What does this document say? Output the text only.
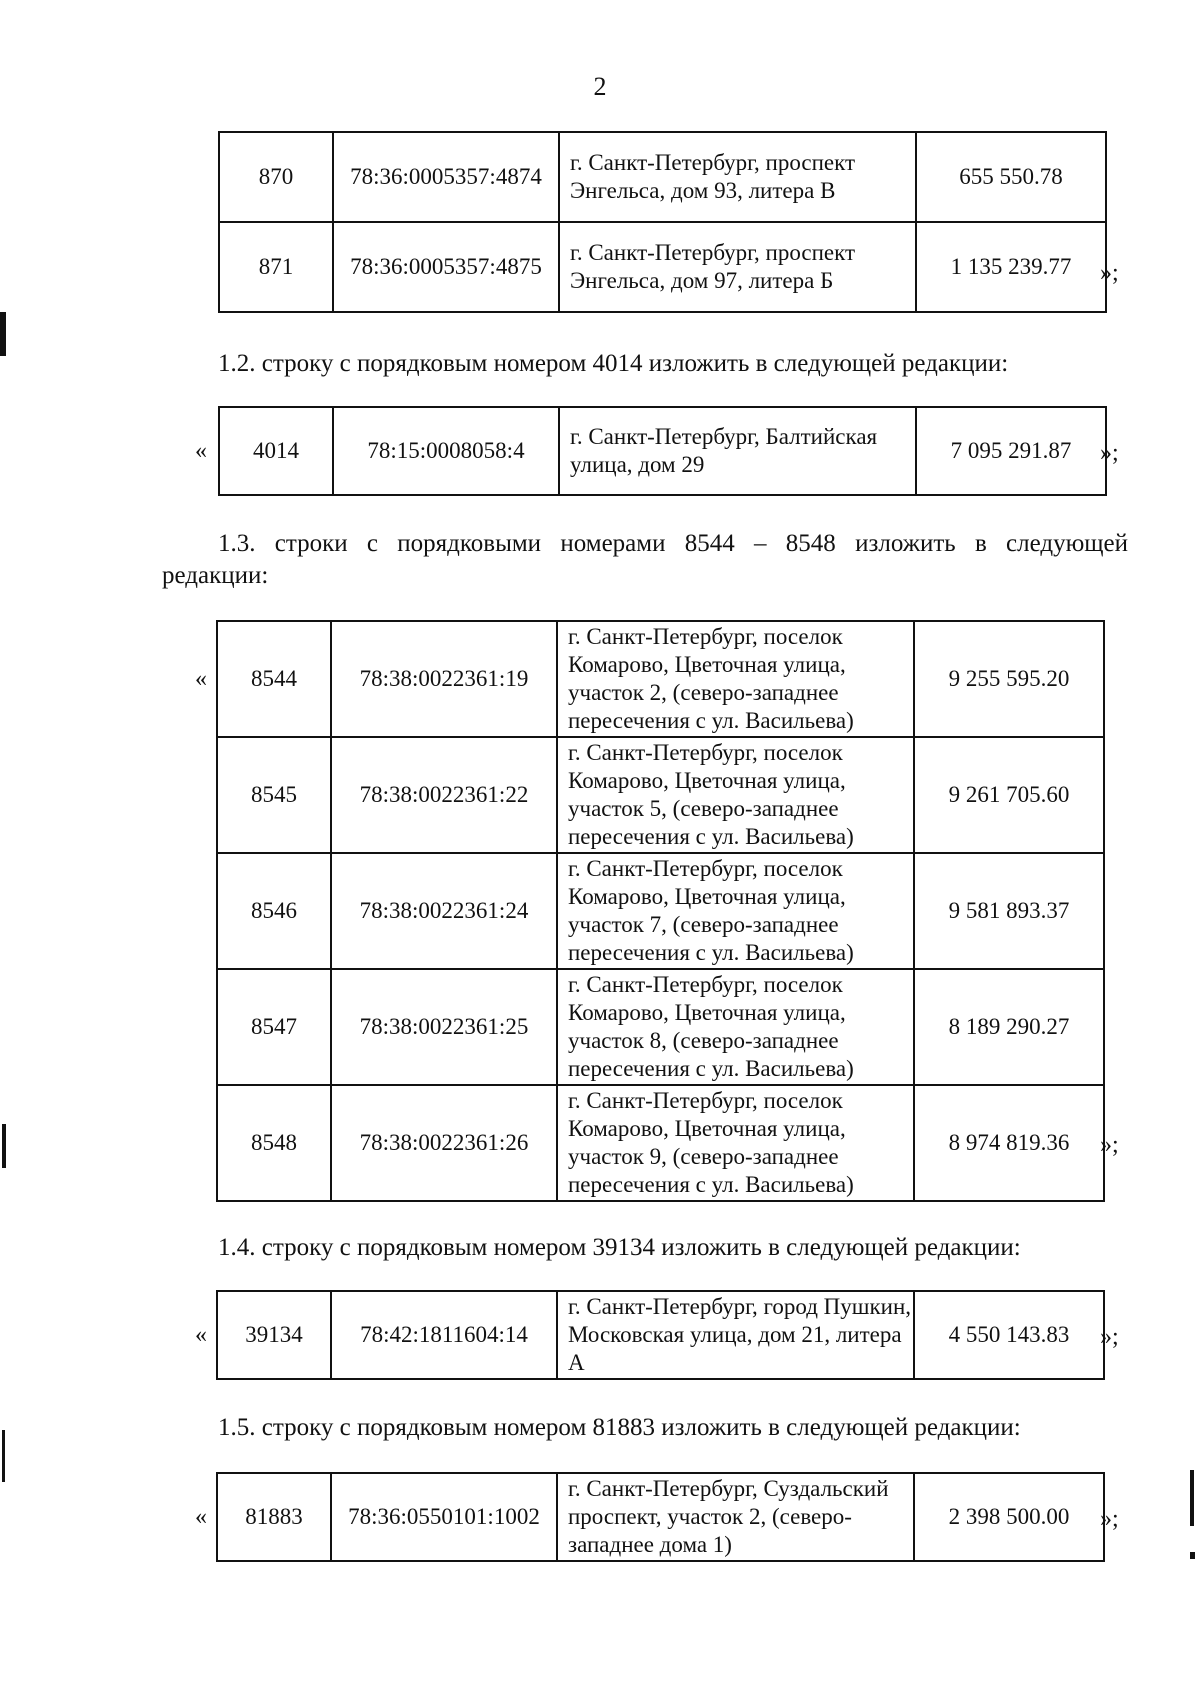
2
870	78:36:0005357:4874	г. Санкт-Петербург, проспект Энгельса, дом 93, литера В	655 550.78
871	78:36:0005357:4875	г. Санкт-Петербург, проспект Энгельса, дом 97, литера Б	1 135 239.77 »;
1.2. строку с порядковым номером 4014 изложить в следующей редакции:
« 4014	78:15:0008058:4	г. Санкт-Петербург, Балтийская улица, дом 29	7 095 291.87 »;
1.3. строки с порядковыми номерами 8544 – 8548 изложить в следующей
редакции:
« 8544	78:38:0022361:19	г. Санкт-Петербург, поселок Комарово, Цветочная улица, участок 2, (северо-западнее пересечения с ул. Васильева)	9 255 595.20
8545	78:38:0022361:22	г. Санкт-Петербург, поселок Комарово, Цветочная улица, участок 5, (северо-западнее пересечения с ул. Васильева)	9 261 705.60
8546	78:38:0022361:24	г. Санкт-Петербург, поселок Комарово, Цветочная улица, участок 7, (северо-западнее пересечения с ул. Васильева)	9 581 893.37
8547	78:38:0022361:25	г. Санкт-Петербург, поселок Комарово, Цветочная улица, участок 8, (северо-западнее пересечения с ул. Васильева)	8 189 290.27
8548	78:38:0022361:26	г. Санкт-Петербург, поселок Комарово, Цветочная улица, участок 9, (северо-западнее пересечения с ул. Васильева)	8 974 819.36 »;
1.4. строку с порядковым номером 39134 изложить в следующей редакции:
« 39134	78:42:1811604:14	г. Санкт-Петербург, город Пушкин, Московская улица, дом 21, литера А	4 550 143.83 »;
1.5. строку с порядковым номером 81883 изложить в следующей редакции:
« 81883	78:36:0550101:1002	г. Санкт-Петербург, Суздальский проспект, участок 2, (северо-западнее дома 1)	2 398 500.00 »;
